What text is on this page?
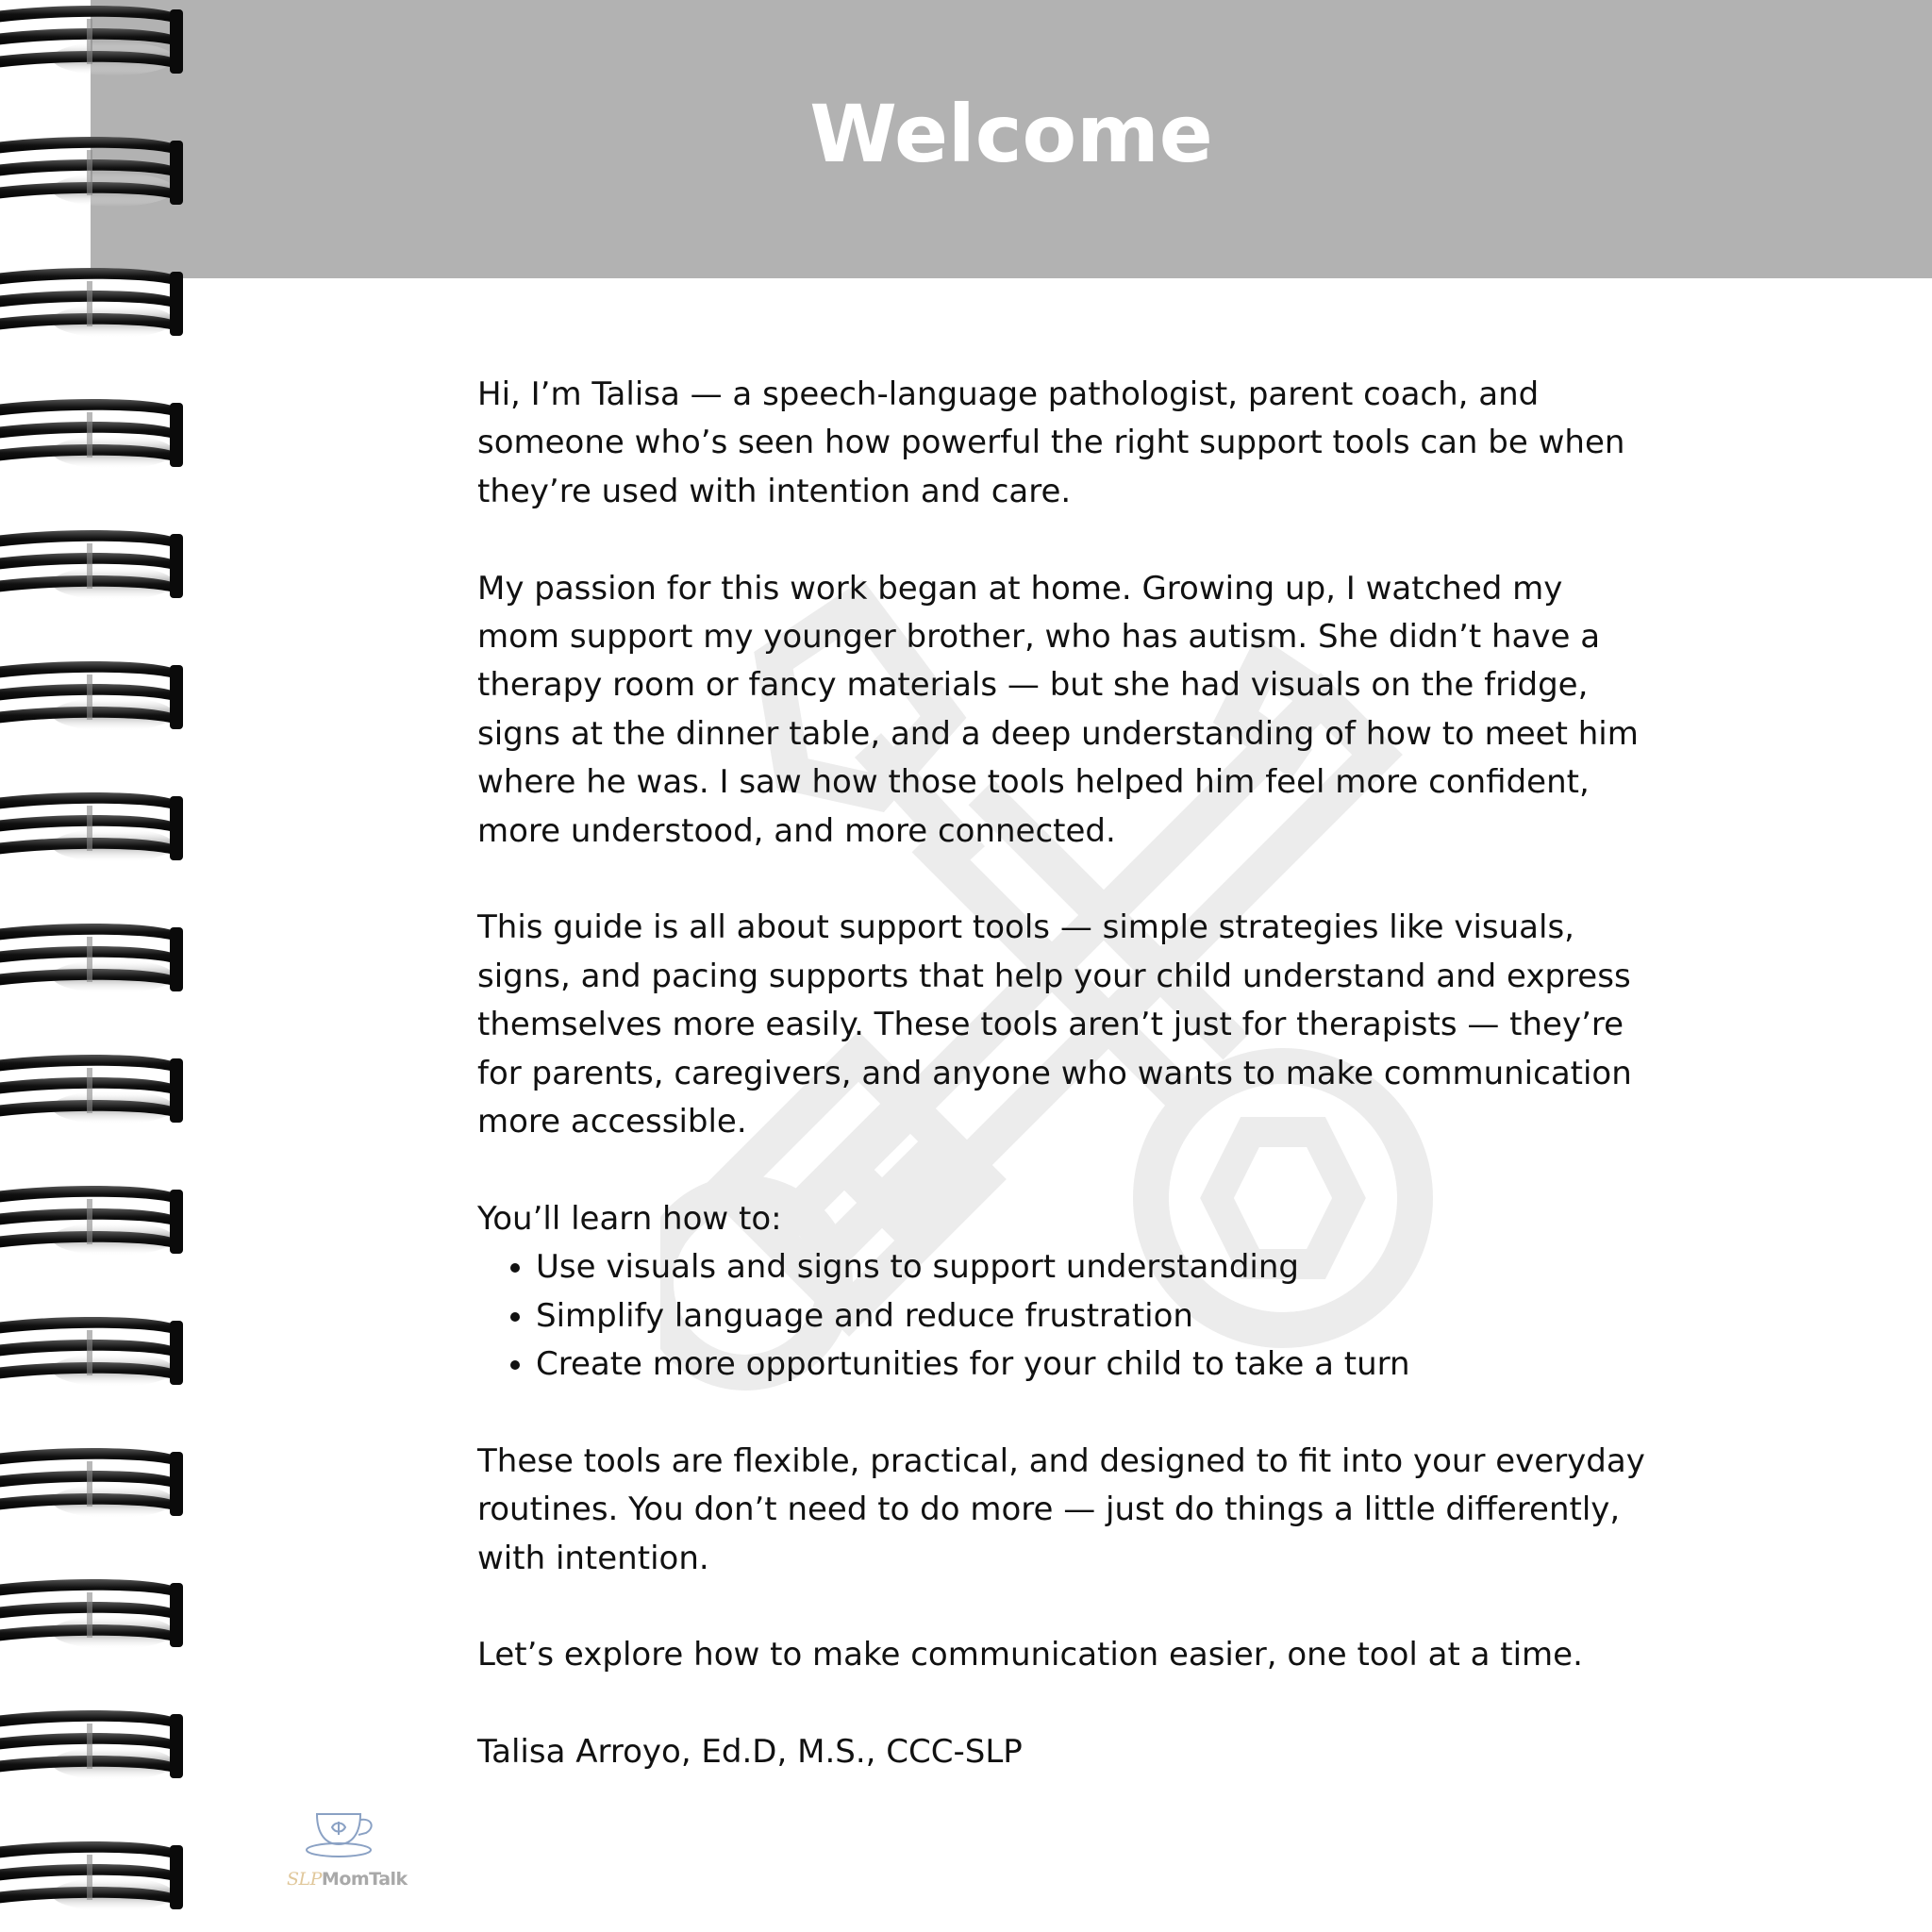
Welcome

Hi, I’m Talisa — a speech-language pathologist, parent coach, and someone who’s seen how powerful the right support tools can be when they’re used with intention and care.

My passion for this work began at home. Growing up, I watched my mom support my younger brother, who has autism. She didn’t have a therapy room or fancy materials — but she had visuals on the fridge, signs at the dinner table, and a deep understanding of how to meet him where he was. I saw how those tools helped him feel more confident, more understood, and more connected.

This guide is all about support tools — simple strategies like visuals, signs, and pacing supports that help your child understand and express themselves more easily. These tools aren’t just for therapists — they’re for parents, caregivers, and anyone who wants to make communication more accessible.

You’ll learn how to:

• Use visuals and signs to support understanding
• Simplify language and reduce frustration
• Create more opportunities for your child to take a turn

These tools are flexible, practical, and designed to fit into your everyday routines. You don’t need to do more — just do things a little differently, with intention.

Let’s explore how to make communication easier, one tool at a time.

Talisa Arroyo, Ed.D, M.S., CCC-SLP

SLPMomTalk
